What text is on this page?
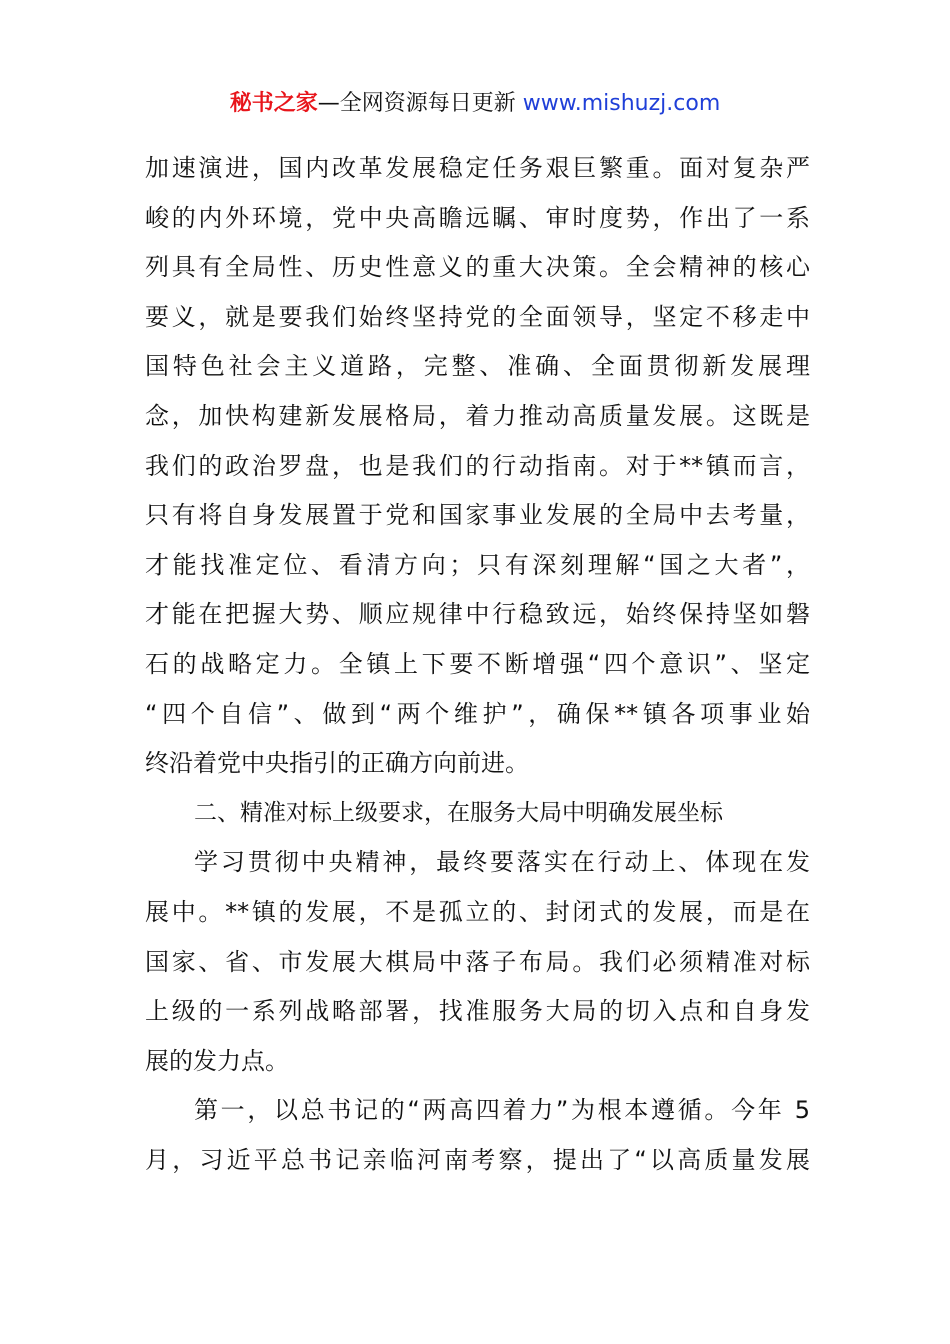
秘书之家—全网资源每日更新 www.mishuzj.com
加速演进，国内改革发展稳定任务艰巨繁重。面对复杂严
峻的内外环境，党中央高瞻远瞩、审时度势，作出了一系
列具有全局性、历史性意义的重大决策。全会精神的核心
要义，就是要我们始终坚持党的全面领导，坚定不移走中
国特色社会主义道路，完整、准确、全面贯彻新发展理
念，加快构建新发展格局，着力推动高质量发展。这既是
我们的政治罗盘，也是我们的行动指南。对于**镇而言，
只有将自身发展置于党和国家事业发展的全局中去考量，
才能找准定位、看清方向；只有深刻理解“国之大者”，
才能在把握大势、顺应规律中行稳致远，始终保持坚如磐
石的战略定力。全镇上下要不断增强“四个意识”、坚定
“四个自信”、做到“两个维护”，确保**镇各项事业始
终沿着党中央指引的正确方向前进。
二、精准对标上级要求，在服务大局中明确发展坐标
学习贯彻中央精神，最终要落实在行动上、体现在发
展中。**镇的发展，不是孤立的、封闭式的发展，而是在
国家、省、市发展大棋局中落子布局。我们必须精准对标
上级的一系列战略部署，找准服务大局的切入点和自身发
展的发力点。
第一，以总书记的“两高四着力”为根本遵循。今年 5
月，习近平总书记亲临河南考察，提出了“以高质量发展
